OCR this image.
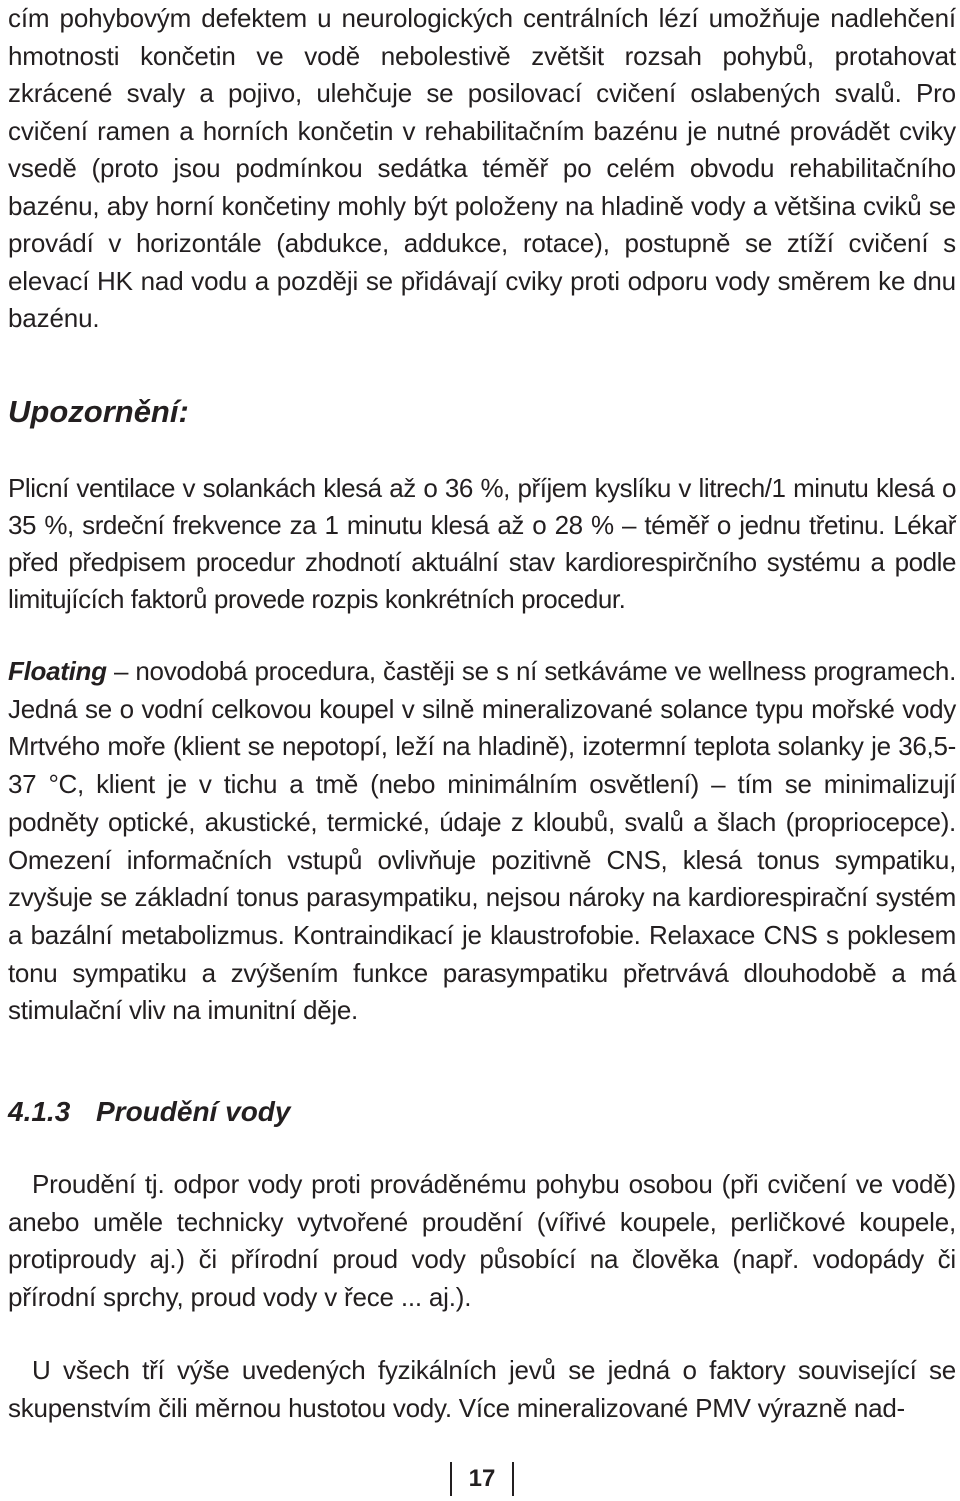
cím pohybovým defektem u neurologických centrálních lézí umožňuje nadlehčení hmotnosti končetin ve vodě nebolestivě zvětšit rozsah pohybů, protahovat zkrácené svaly a pojivo, ulehčuje se posilovací cvičení oslabených svalů. Pro cvičení ramen a horních končetin v rehabilitačním bazénu je nutné provádět cviky vsedě (proto jsou podmínkou sedátka téměř po celém obvodu rehabilitačního bazénu, aby horní končetiny mohly být položeny na hladině vody a většina cviků se provádí v horizontále (abdukce, addukce, rotace), postupně se ztíží cvičení s elevací HK nad vodu a později se přidávají cviky proti odporu vody směrem ke dnu bazénu.

Upozornění:

Plicní ventilace v solankách klesá až o 36 %, příjem kyslíku v litrech/1 minutu klesá o 35 %, srdeční frekvence za 1 minutu klesá až o 28 % – téměř o jednu třetinu. Lékař před předpisem procedur zhodnotí aktuální stav kardiorespirčního systému a podle limitujících faktorů provede rozpis konkrétních procedur.

Floating – novodobá procedura, častěji se s ní setkáváme ve wellness programech. Jedná se o vodní celkovou koupel v silně mineralizované solance typu mořské vody Mrtvého moře (klient se nepotopí, leží na hladině), izotermní teplota solanky je 36,5-37 °C, klient je v tichu a tmě (nebo minimálním osvětlení) – tím se minimalizují podněty optické, akustické, termické, údaje z kloubů, svalů a šlach (propriocepce). Omezení informačních vstupů ovlivňuje pozitivně CNS, klesá tonus sympatiku, zvyšuje se základní tonus parasympatiku, nejsou nároky na kardiorespirační systém a bazální metabolizmus. Kontraindikací je klaustrofobie. Relaxace CNS s poklesem tonu sympatiku a zvýšením funkce parasympatiku přetrvává dlouhodobě a má stimulační vliv na imunitní děje.

4.1.3 Proudění vody

Proudění tj. odpor vody proti prováděnému pohybu osobou (při cvičení ve vodě) anebo uměle technicky vytvořené proudění (vířivé koupele, perličkové koupele, protiproudy aj.) či přírodní proud vody působící na člověka (např. vodopády či přírodní sprchy, proud vody v řece ... aj.).

U všech tří výše uvedených fyzikálních jevů se jedná o faktory související se skupenstvím čili měrnou hustotou vody. Více mineralizované PMV výrazně nad-

17
